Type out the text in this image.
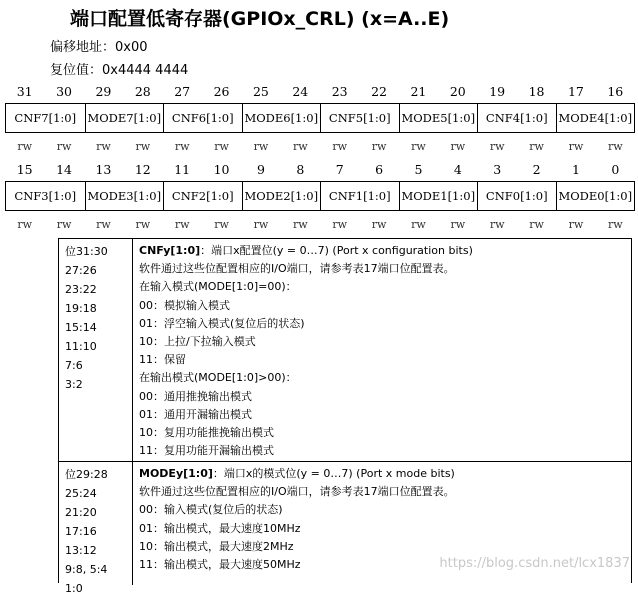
端口配置低寄存器(GPIOx_CRL) (x=A..E)
偏移地址：0x00
复位值：0x4444 4444
31	30	29	28	27	26	25	24	23	22	21	20	19	18	17	16
CNF7[1:0] MODE7[1:0] CNF6[1:0] MODE6[1:0] CNF5[1:0] MODE5[1:0] CNF4[1:0] MODE4[1:0]
rw	rw	rw	rw	rw	rw	rw	rw	rw	rw	rw	rw	rw	rw	rw	rw
15	14	13	12	11	10	9	8	7	6	5	4	3	2	1	0
CNF3[1:0] MODE3[1:0] CNF2[1:0] MODE2[1:0] CNF1[1:0] MODE1[1:0] CNF0[1:0] MODE0[1:0]
rw	rw	rw	rw	rw	rw	rw	rw	rw	rw	rw	rw	rw	rw	rw	rw
位31:30
27:26
23:22
19:18
15:14
11:10
7:6
3:2
CNFy[1:0]：端口x配置位(y = 0…7) (Port x configuration bits)
软件通过这些位配置相应的I/O端口，请参考表17端口位配置表。
在输入模式(MODE[1:0]=00)：
00：模拟输入模式
01：浮空输入模式(复位后的状态)
10：上拉/下拉输入模式
11：保留
在输出模式(MODE[1:0]>00)：
00：通用推挽输出模式
01：通用开漏输出模式
10：复用功能推挽输出模式
11：复用功能开漏输出模式
位29:28
25:24
21:20
17:16
13:12
9:8, 5:4
1:0
MODEy[1:0]：端口x的模式位(y = 0…7) (Port x mode bits)
软件通过这些位配置相应的I/O端口，请参考表17端口位配置表。
00：输入模式(复位后的状态)
01：输出模式，最大速度10MHz
10：输出模式，最大速度2MHz
11：输出模式，最大速度50MHz	https://blog.csdn.net/lcx1837
